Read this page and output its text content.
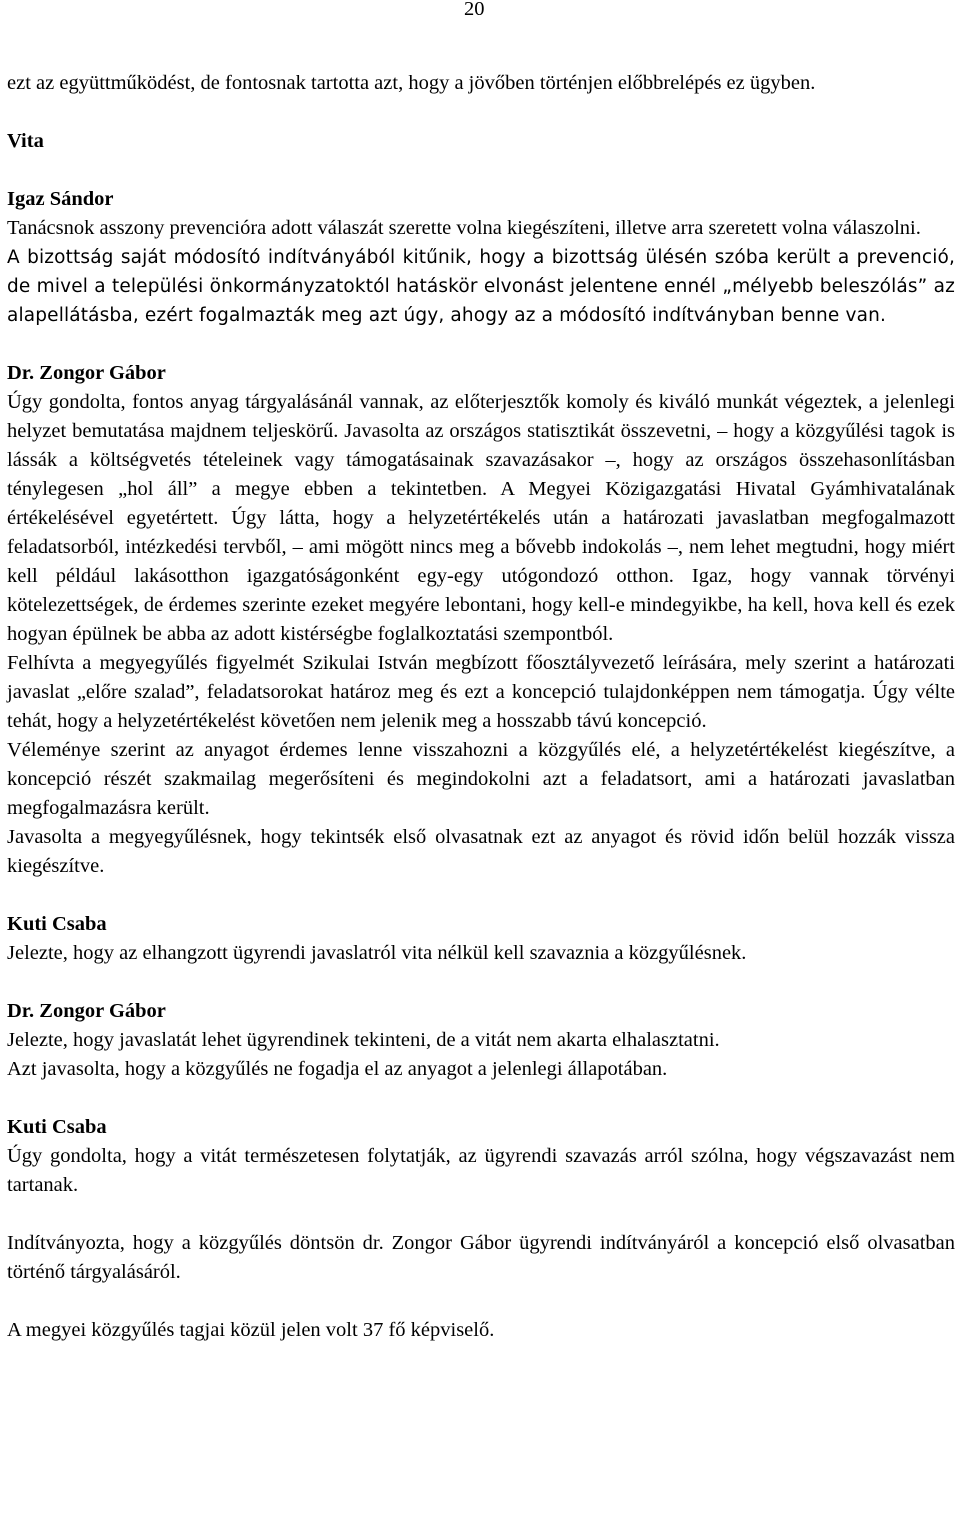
20

ezt az együttműködést, de fontosnak tartotta azt, hogy a jövőben történjen előbbrelépés ez ügyben.

Vita

Igaz Sándor

Tanácsnok asszony prevencióra adott válaszát szerette volna kiegészíteni, illetve arra szeretett volna válaszolni.

A bizottság saját módosító indítványából kitűnik, hogy a bizottság ülésén szóba került a prevenció, de mivel a települési önkormányzatoktól hatáskör elvonást jelentene ennél „mélyebb beleszólás” az alapellátásba, ezért fogalmazták meg azt úgy, ahogy az a módosító indítványban benne van.

Dr. Zongor Gábor

Úgy gondolta, fontos anyag tárgyalásánál vannak, az előterjesztők komoly és kiváló munkát végeztek, a jelenlegi helyzet bemutatása majdnem teljeskörű. Javasolta az országos statisztikát összevetni, – hogy a közgyűlési tagok is lássák a költségvetés tételeinek vagy támogatásainak szavazásakor –, hogy az országos összehasonlításban ténylegesen „hol áll” a megye ebben a tekintetben. A Megyei Közigazgatási Hivatal Gyámhivatalának értékelésével egyetértett. Úgy látta, hogy a helyzetértékelés után a határozati javaslatban megfogalmazott feladatsorból, intézkedési tervből, – ami mögött nincs meg a bővebb indokolás –, nem lehet megtudni, hogy miért kell például lakásotthon igazgatóságonként egy-egy utógondozó otthon. Igaz, hogy vannak törvényi kötelezettségek, de érdemes szerinte ezeket megyére lebontani, hogy kell-e mindegyikbe, ha kell, hova kell és ezek hogyan épülnek be abba az adott kistérségbe foglalkoztatási szempontból.

Felhívta a megyegyűlés figyelmét Szikulai István megbízott főosztályvezető leírására, mely szerint a határozati javaslat „előre szalad”, feladatsorokat határoz meg és ezt a koncepció tulajdonképpen nem támogatja. Úgy vélte tehát, hogy a helyzetértékelést követően nem jelenik meg a hosszabb távú koncepció.

Véleménye szerint az anyagot érdemes lenne visszahozni a közgyűlés elé, a helyzetértékelést kiegészítve, a koncepció részét szakmailag megerősíteni és megindokolni azt a feladatsort, ami a határozati javaslatban megfogalmazásra került.

Javasolta a megyegyűlésnek, hogy tekintsék első olvasatnak ezt az anyagot és rövid időn belül hozzák vissza kiegészítve.

Kuti Csaba

Jelezte, hogy az elhangzott ügyrendi javaslatról vita nélkül kell szavaznia a közgyűlésnek.

Dr. Zongor Gábor

Jelezte, hogy javaslatát lehet ügyrendinek tekinteni, de a vitát nem akarta elhalasztatni.

Azt javasolta, hogy a közgyűlés ne fogadja el az anyagot a jelenlegi állapotában.

Kuti Csaba

Úgy gondolta, hogy a vitát természetesen folytatják, az ügyrendi szavazás arról szólna, hogy végszavazást nem tartanak.

Indítványozta, hogy a közgyűlés döntsön dr. Zongor Gábor ügyrendi indítványáról a koncepció első olvasatban történő tárgyalásáról.

A megyei közgyűlés tagjai közül jelen volt 37 fő képviselő.
